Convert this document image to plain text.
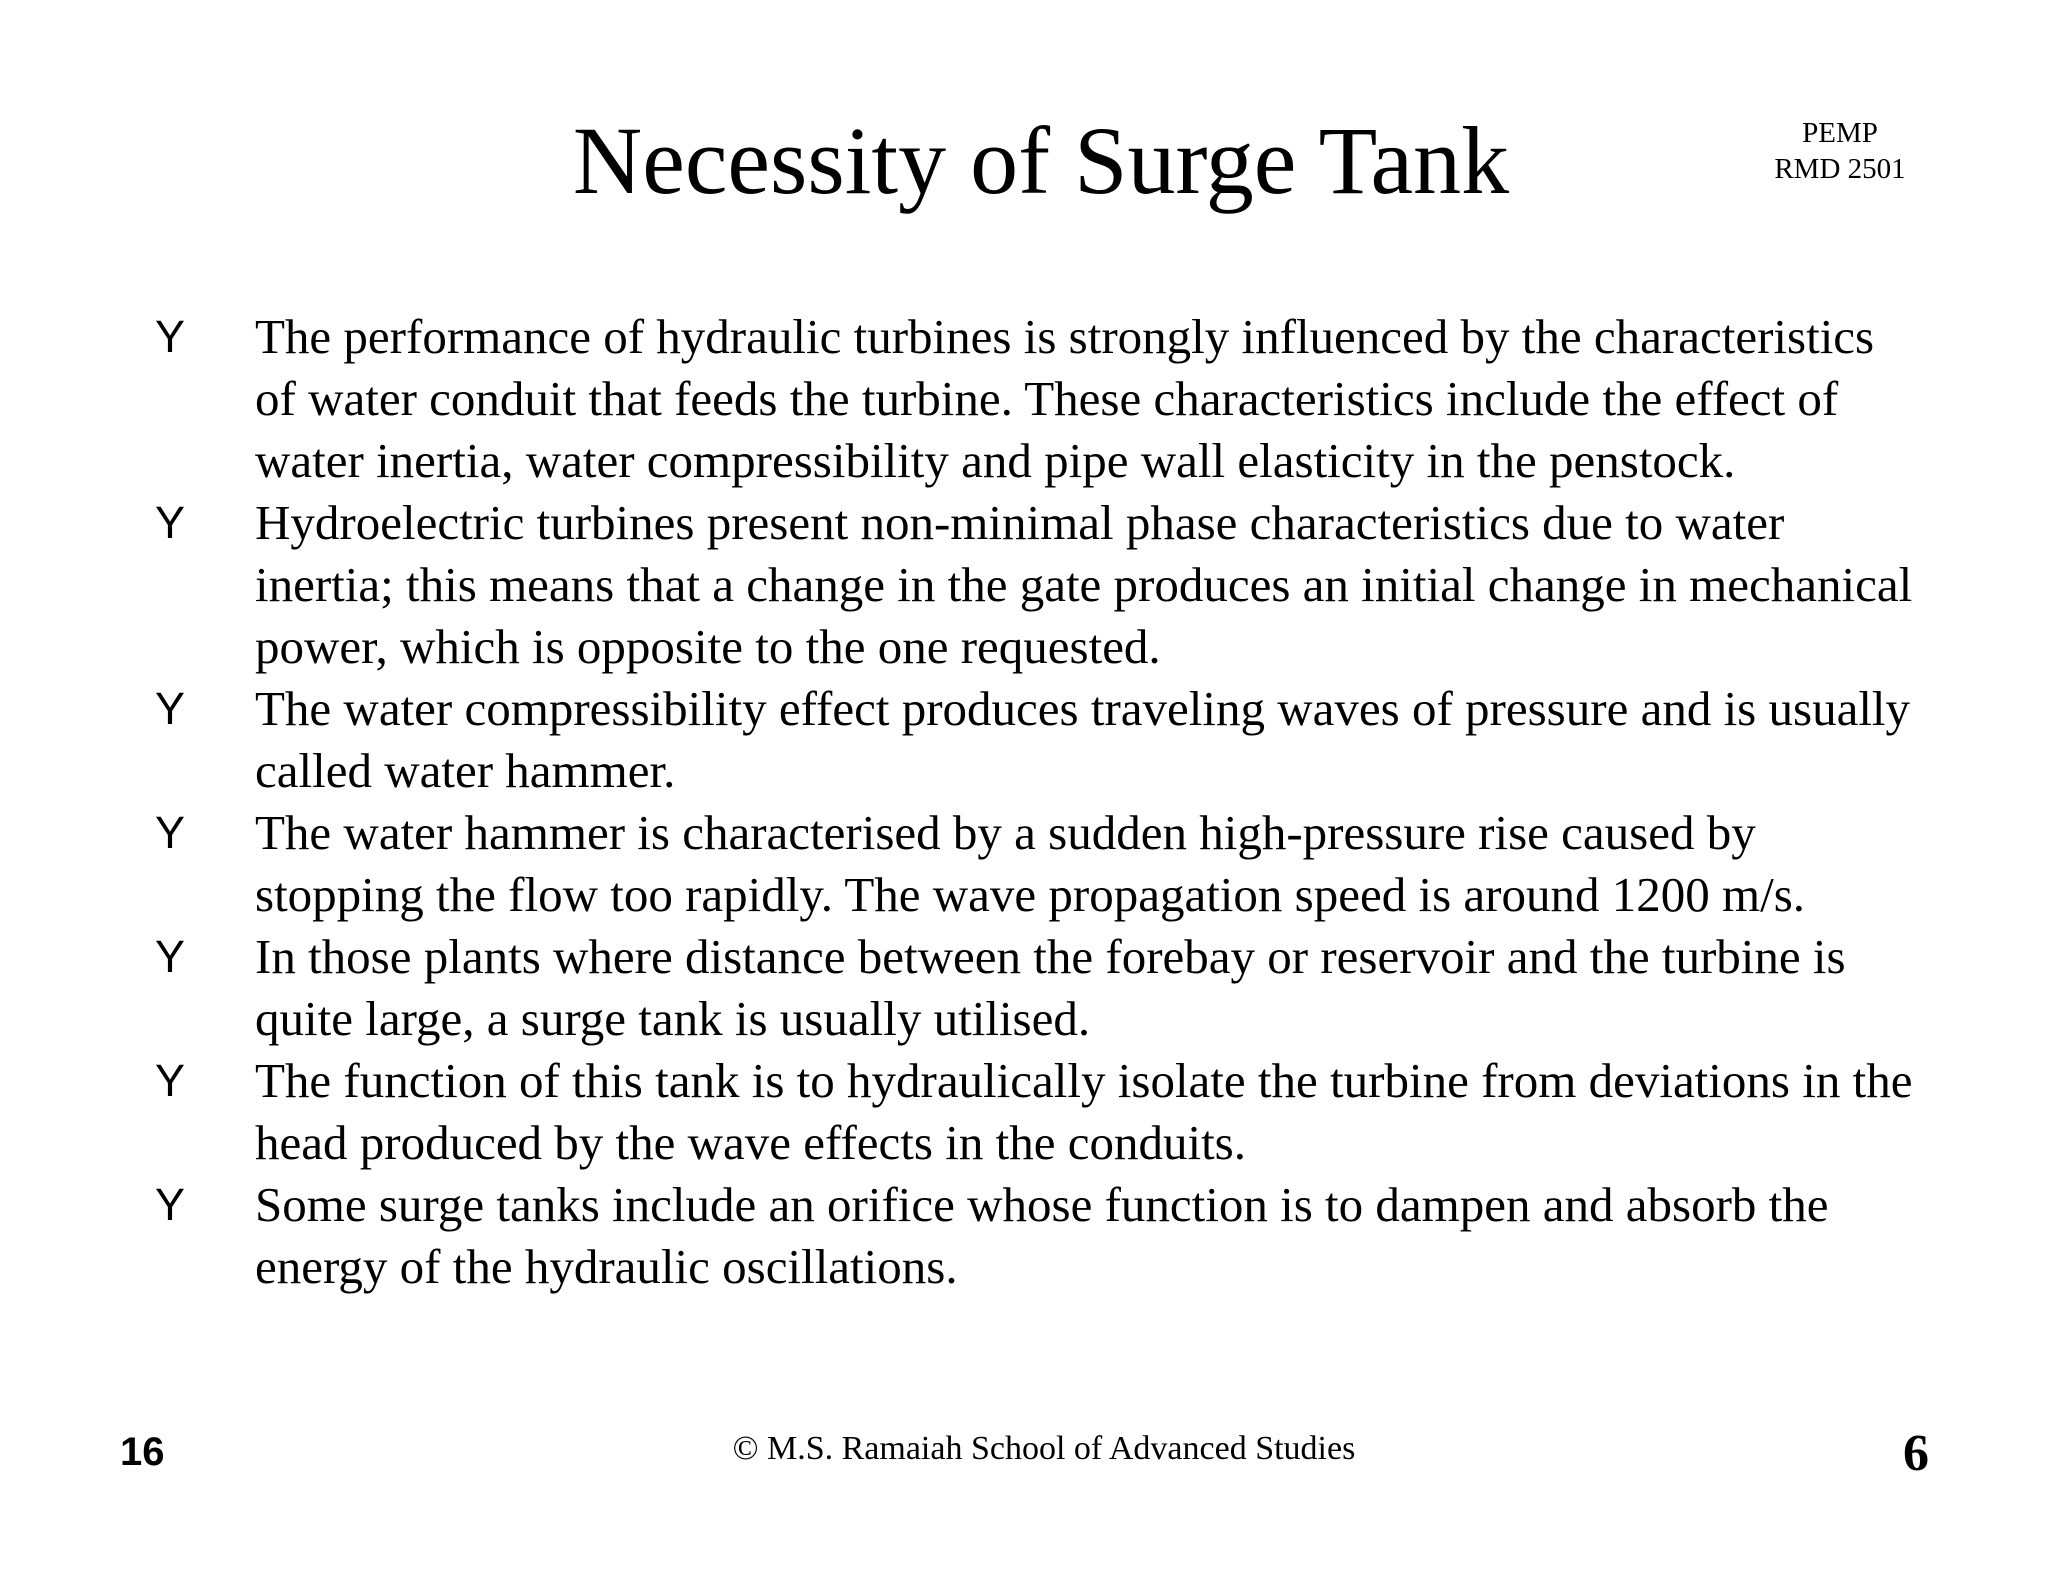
Necessity of Surge Tank	PEMP
RMD 2501
Y	The performance of hydraulic turbines is strongly influenced by the characteristics of water conduit that feeds the turbine. These characteristics include the effect of water inertia, water compressibility and pipe wall elasticity in the penstock.
Y	Hydroelectric turbines present non-minimal phase characteristics due to water inertia; this means that a change in the gate produces an initial change in mechanical power, which is opposite to the one requested.
Y	The water compressibility effect produces traveling waves of pressure and is usually called water hammer.
Y	The water hammer is characterised by a sudden high-pressure rise caused by stopping the flow too rapidly. The wave propagation speed is around 1200 m/s.
Y	In those plants where distance between the forebay or reservoir and the turbine is quite large, a surge tank is usually utilised.
Y	The function of this tank is to hydraulically isolate the turbine from deviations in the head produced by the wave effects in the conduits.
Y	Some surge tanks include an orifice whose function is to dampen and absorb the energy of the hydraulic oscillations.
16	© M.S. Ramaiah School of Advanced Studies	6
